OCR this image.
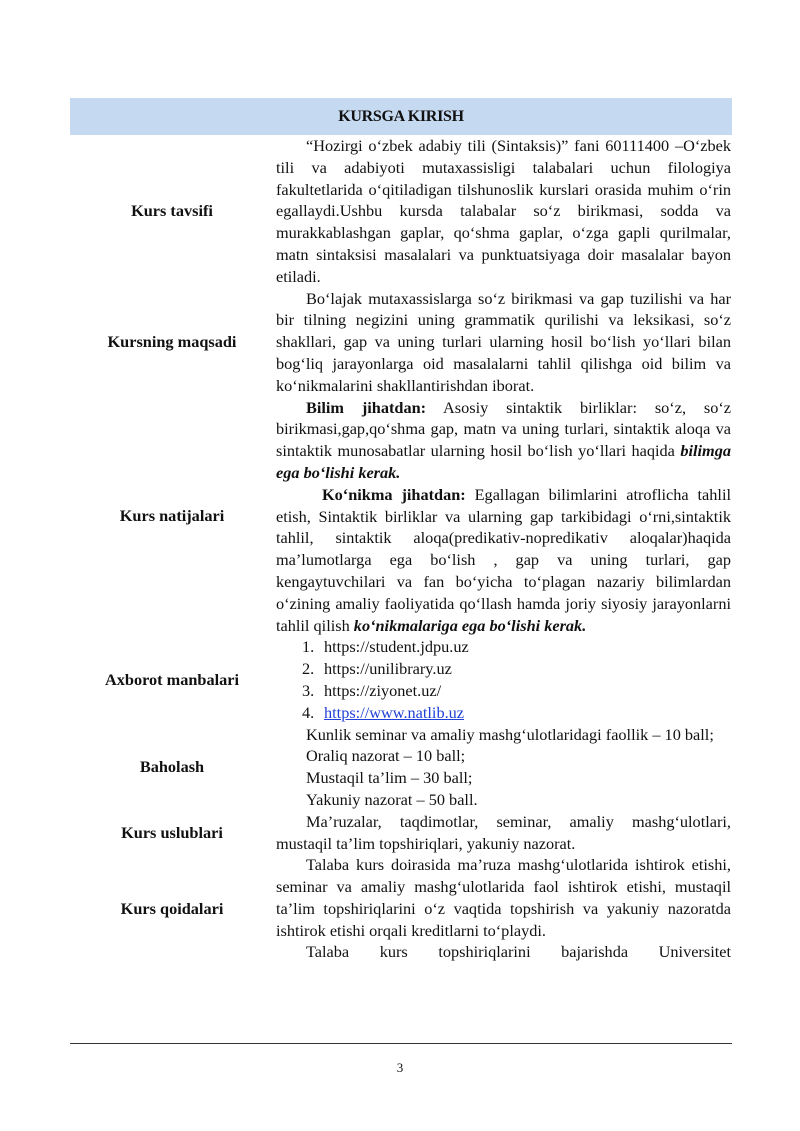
KURSGA KIRISH
Kurs tavsifi

“Hozirgi o‘zbek adabiy tili (Sintaksis)” fani 60111400 –O‘zbek tili va adabiyoti mutaxassisligi talabalari uchun filologiya fakultetlarida o‘qitiladigan tilshunoslik kurslari orasida muhim o‘rin egallaydi.Ushbu kursda talabalar so‘z birikmasi, sodda va murakkablashgan gaplar, qo‘shma gaplar, o‘zga gapli qurilmalar, matn sintaksisi masalalari va punktuatsiyaga doir masalalar bayon etiladi.

Kursning maqsadi

Bo‘lajak mutaxassislarga so‘z birikmasi va gap tuzilishi va har bir tilning negizini uning grammatik qurilishi va leksikasi, so‘z shakllari, gap va uning turlari ularning hosil bo‘lish yo‘llari bilan bog‘liq jarayonlarga oid masalalarni tahlil qilishga oid bilim va ko‘nikmalarini shakllantirishdan iborat.

Kurs natijalari

Bilim jihatdan: Asosiy sintaktik birliklar: so‘z, so‘z birikmasi,gap,qo‘shma gap, matn va uning turlari, sintaktik aloqa va sintaktik munosabatlar ularning hosil bo‘lish yo‘llari haqida bilimga ega bo‘lishi kerak.

Ko‘nikma jihatdan: Egallagan bilimlarini atroflicha tahlil etish, Sintaktik birliklar va ularning gap tarkibidagi o‘rni,sintaktik tahlil, sintaktik aloqa(predikativ-nopredikativ aloqalar)haqida ma’lumotlarga ega bo‘lish , gap va uning turlari, gap kengaytuvchilari va fan bo‘yicha to‘plagan nazariy bilimlardan o‘zining amaliy faoliyatida qo‘llash hamda joriy siyosiy jarayonlarni tahlil qilish ko‘nikmalariga ega bo‘lishi kerak.

Axborot manbalari
1. https://student.jdpu.uz
2. https://unilibrary.uz
3. https://ziyonet.uz/
4. https://www.natlib.uz
Baholash

Kunlik seminar va amaliy mashg‘ulotlaridagi faollik – 10 ball;

Oraliq nazorat – 10 ball;

Mustaqil ta’lim – 30 ball;

Yakuniy nazorat – 50 ball.

Kurs uslublari

Ma’ruzalar, taqdimotlar, seminar, amaliy mashg‘ulotlari, mustaqil ta’lim topshiriqlari, yakuniy nazorat.

Kurs qoidalari

Talaba kurs doirasida ma’ruza mashg‘ulotlarida ishtirok etishi, seminar va amaliy mashg‘ulotlarida faol ishtirok etishi, mustaqil ta’lim topshiriqlarini o‘z vaqtida topshirish va yakuniy nazoratda ishtirok etishi orqali kreditlarni to‘playdi.

Talaba kurs topshiriqlarini bajarishda Universitet

3
